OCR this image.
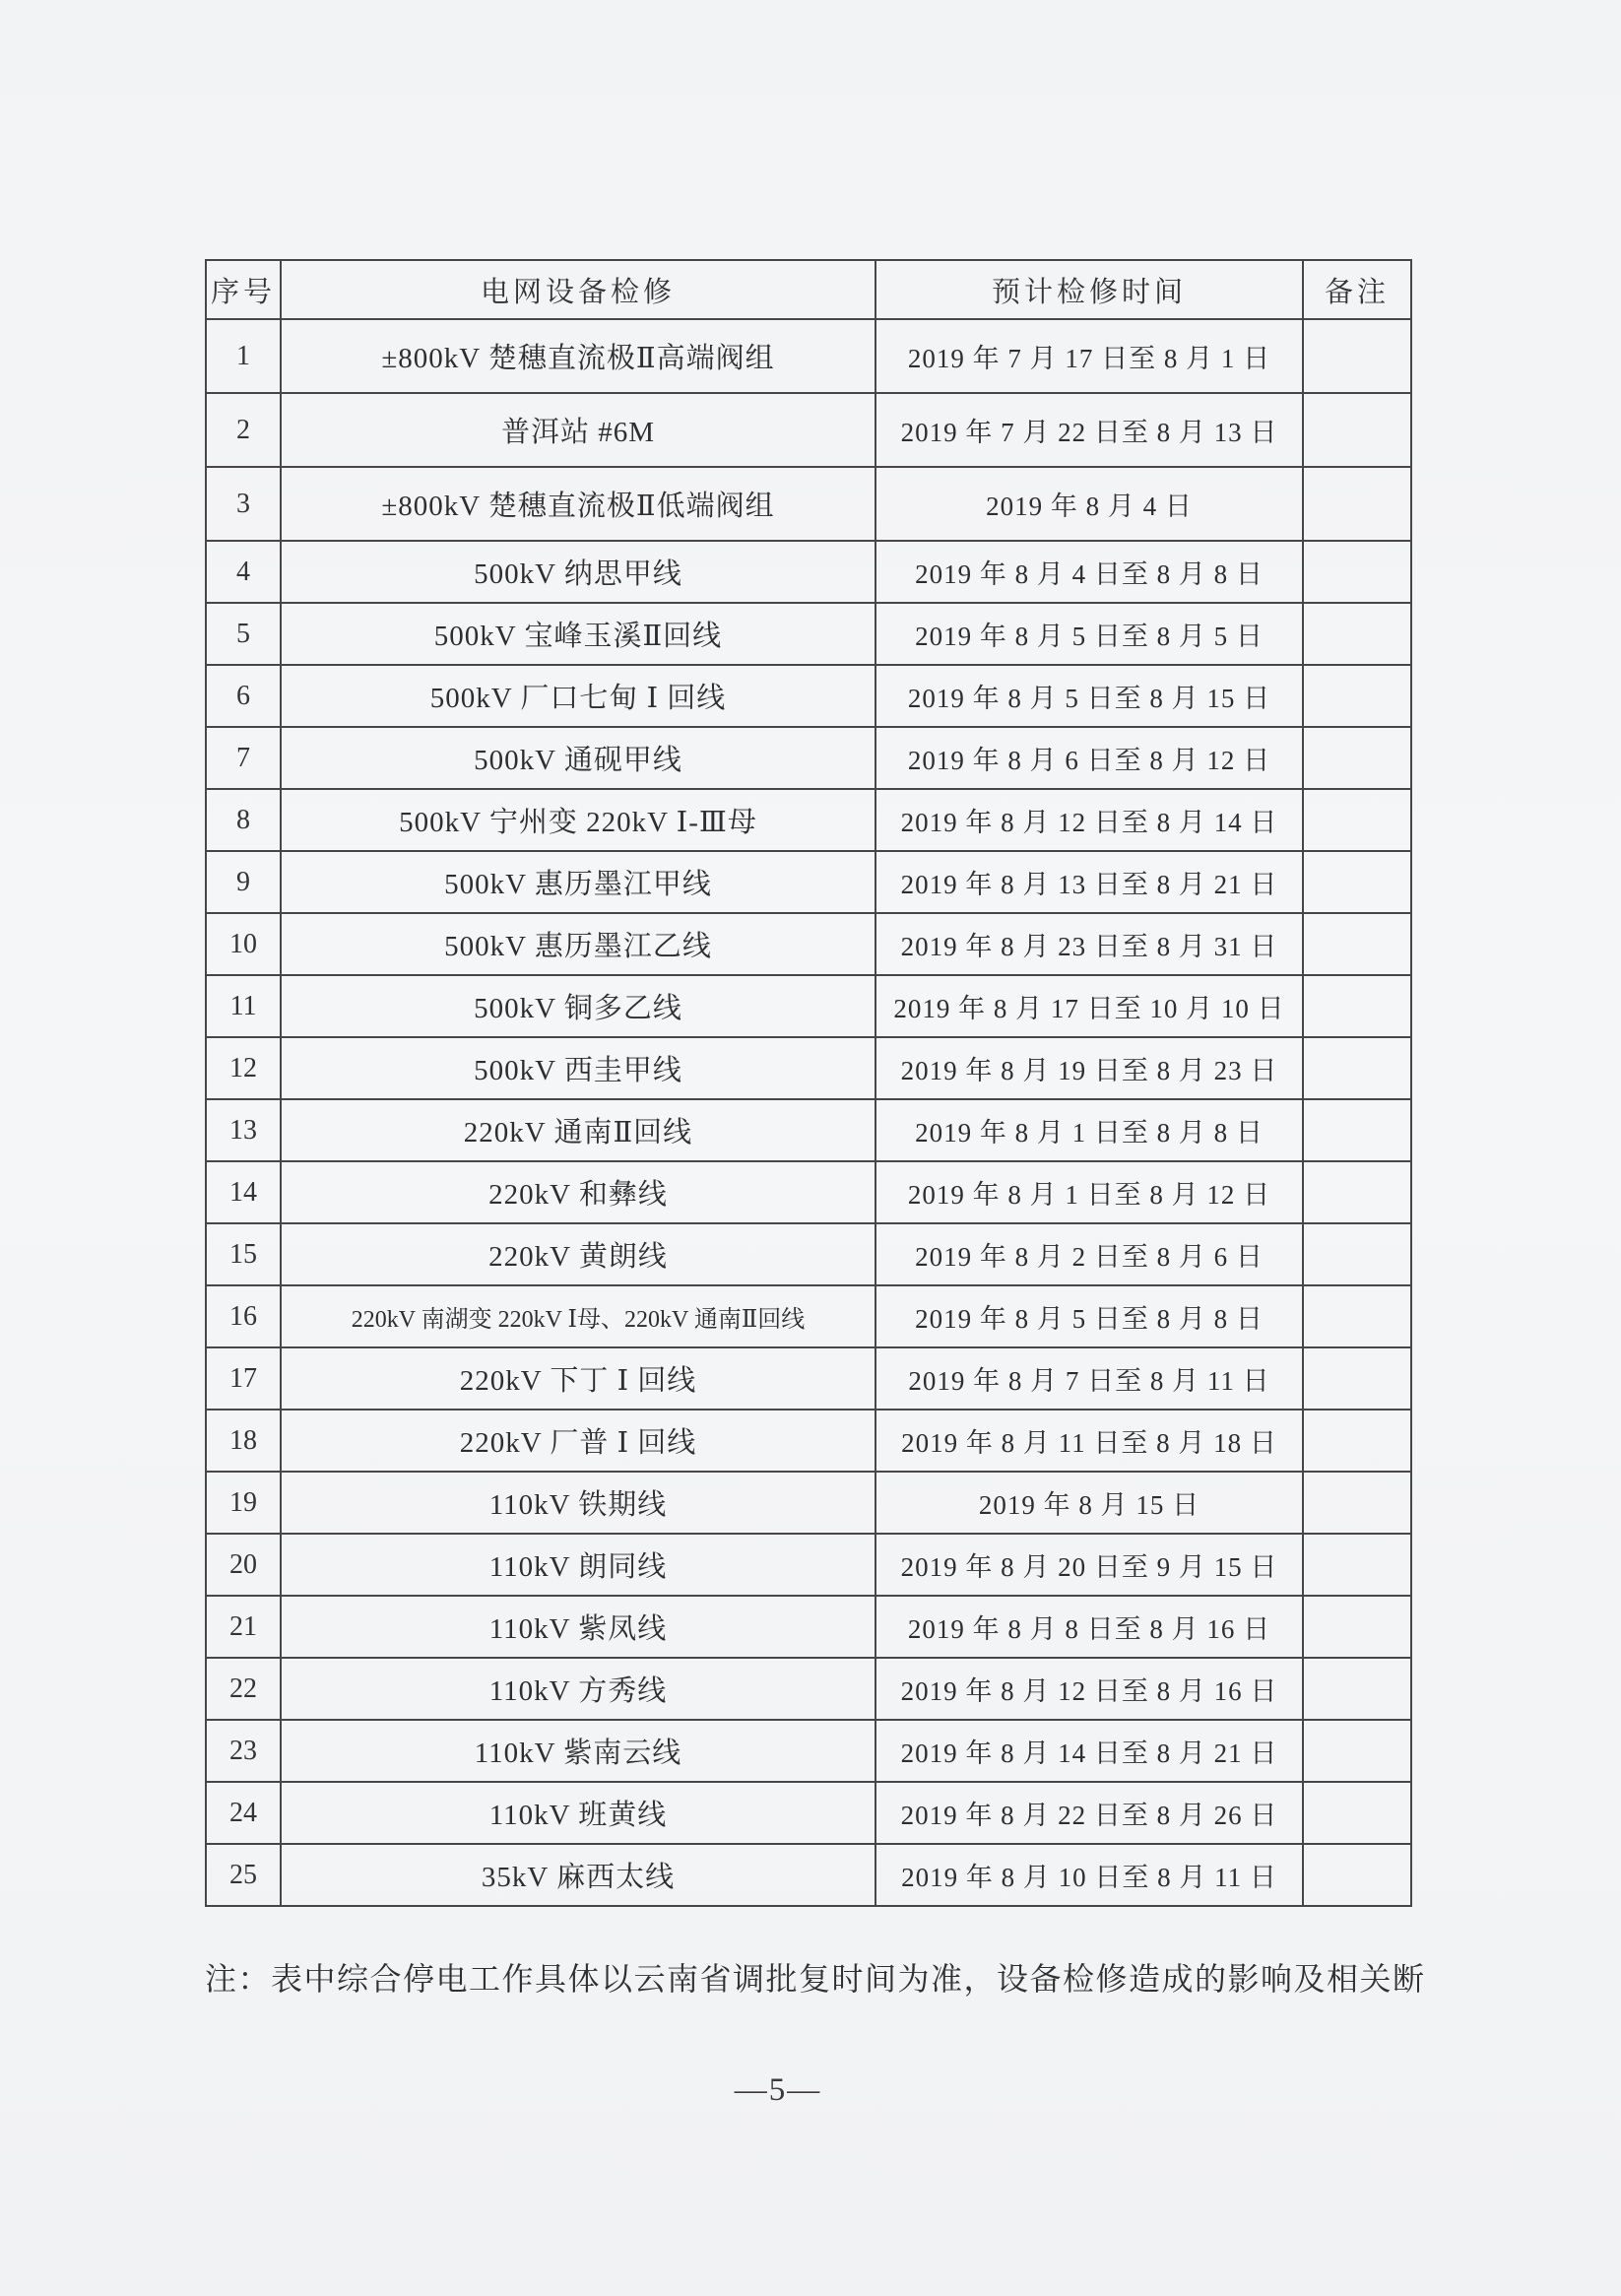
序号	电网设备检修	预计检修时间	备注
1	±800kV 楚穗直流极Ⅱ高端阀组	2019 年 7 月 17 日至 8 月 1 日	
2	普洱站 #6M	2019 年 7 月 22 日至 8 月 13 日	
3	±800kV 楚穗直流极Ⅱ低端阀组	2019 年 8 月 4 日	
4	500kV 纳思甲线	2019 年 8 月 4 日至 8 月 8 日	
5	500kV 宝峰玉溪Ⅱ回线	2019 年 8 月 5 日至 8 月 5 日	
6	500kV 厂口七甸 Ⅰ 回线	2019 年 8 月 5 日至 8 月 15 日	
7	500kV 通砚甲线	2019 年 8 月 6 日至 8 月 12 日	
8	500kV 宁州变 220kV Ⅰ-Ⅲ母	2019 年 8 月 12 日至 8 月 14 日	
9	500kV 惠历墨江甲线	2019 年 8 月 13 日至 8 月 21 日	
10	500kV 惠历墨江乙线	2019 年 8 月 23 日至 8 月 31 日	
11	500kV 铜多乙线	2019 年 8 月 17 日至 10 月 10 日	
12	500kV 西圭甲线	2019 年 8 月 19 日至 8 月 23 日	
13	220kV 通南Ⅱ回线	2019 年 8 月 1 日至 8 月 8 日	
14	220kV 和彝线	2019 年 8 月 1 日至 8 月 12 日	
15	220kV 黄朗线	2019 年 8 月 2 日至 8 月 6 日	
16	220kV 南湖变 220kV Ⅰ母、220kV 通南Ⅱ回线	2019 年 8 月 5 日至 8 月 8 日	
17	220kV 下丁 Ⅰ 回线	2019 年 8 月 7 日至 8 月 11 日	
18	220kV 厂普 Ⅰ 回线	2019 年 8 月 11 日至 8 月 18 日	
19	110kV 铁期线	2019 年 8 月 15 日	
20	110kV 朗同线	2019 年 8 月 20 日至 9 月 15 日	
21	110kV 紫凤线	2019 年 8 月 8 日至 8 月 16 日	
22	110kV 方秀线	2019 年 8 月 12 日至 8 月 16 日	
23	110kV 紫南云线	2019 年 8 月 14 日至 8 月 21 日	
24	110kV 班黄线	2019 年 8 月 22 日至 8 月 26 日	
25	35kV 麻西太线	2019 年 8 月 10 日至 8 月 11 日	
注：表中综合停电工作具体以云南省调批复时间为准，设备检修造成的影响及相关断
—5—
